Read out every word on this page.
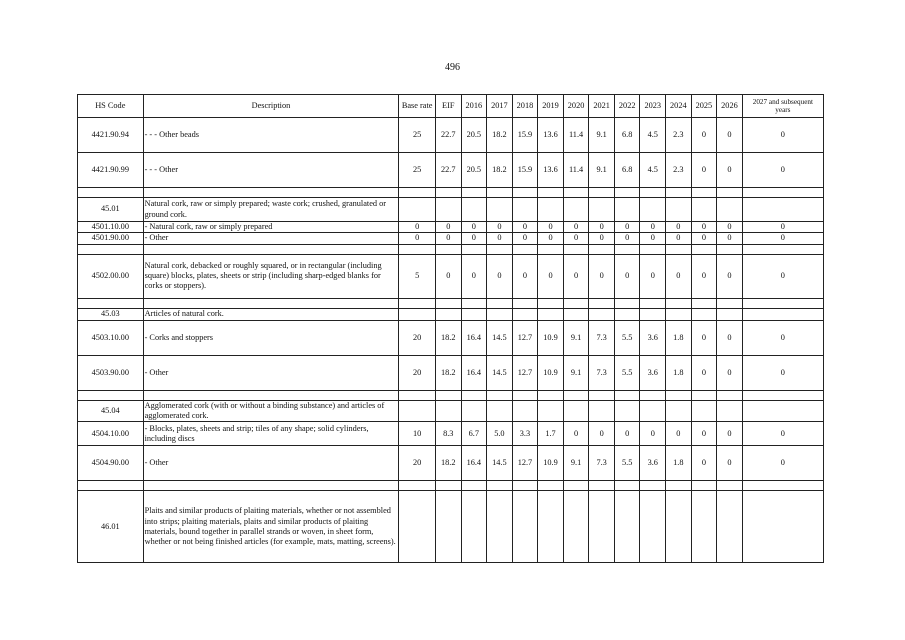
496
HS Code	Description	Base rate	EIF	2016	2017	2018	2019	2020	2021	2022	2023	2024	2025	2026	2027 and subsequent years
4421.90.94	- - - Other beads	25	22.7	20.5	18.2	15.9	13.6	11.4	9.1	6.8	4.5	2.3	0	0	0
4421.90.99	- - - Other	25	22.7	20.5	18.2	15.9	13.6	11.4	9.1	6.8	4.5	2.3	0	0	0

45.01	Natural cork, raw or simply prepared; waste cork; crushed, granulated or ground cork.														
4501.10.00	- Natural cork, raw or simply prepared	0	0	0	0	0	0	0	0	0	0	0	0	0	0
4501.90.00	- Other	0	0	0	0	0	0	0	0	0	0	0	0	0	0

4502.00.00	Natural cork, debacked or roughly squared, or in rectangular (including square) blocks, plates, sheets or strip (including sharp-edged blanks for corks or stoppers).	5	0	0	0	0	0	0	0	0	0	0	0	0	0

45.03	Articles of natural cork.														
4503.10.00	- Corks and stoppers	20	18.2	16.4	14.5	12.7	10.9	9.1	7.3	5.5	3.6	1.8	0	0	0
4503.90.00	- Other	20	18.2	16.4	14.5	12.7	10.9	9.1	7.3	5.5	3.6	1.8	0	0	0

45.04	Agglomerated cork (with or without a binding substance) and articles of agglomerated cork.														
4504.10.00	- Blocks, plates, sheets and strip; tiles of any shape; solid cylinders, including discs	10	8.3	6.7	5.0	3.3	1.7	0	0	0	0	0	0	0	0
4504.90.00	- Other	20	18.2	16.4	14.5	12.7	10.9	9.1	7.3	5.5	3.6	1.8	0	0	0

46.01	Plaits and similar products of plaiting materials, whether or not assembled into strips; plaiting materials, plaits and similar products of plaiting materials, bound together in parallel strands or woven, in sheet form, whether or not being finished articles (for example, mats, matting, screens).														
